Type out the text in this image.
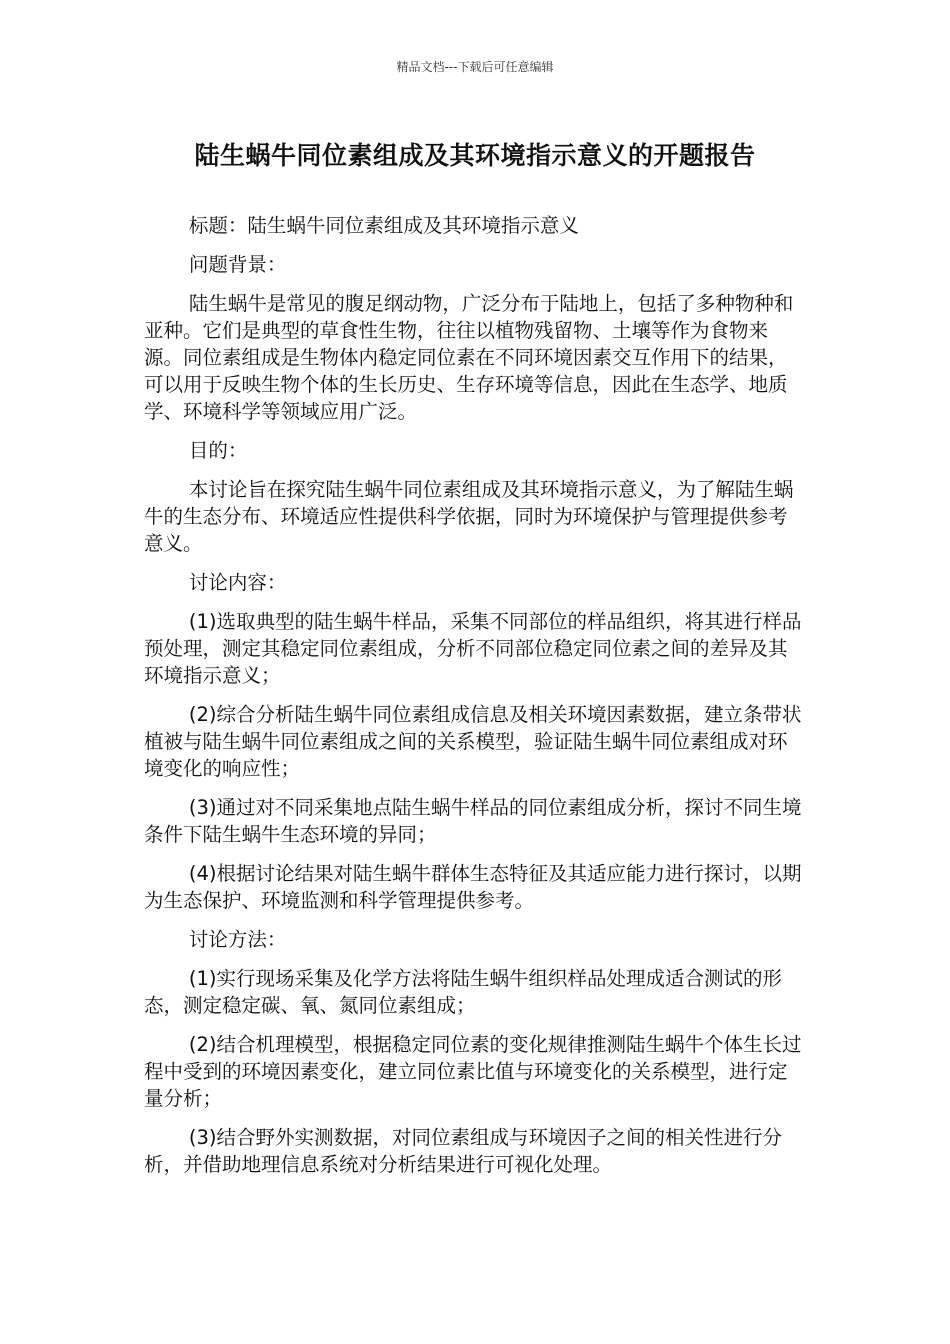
精品文档---下载后可任意编辑
陆生蜗牛同位素组成及其环境指示意义的开题报告

标题：陆生蜗牛同位素组成及其环境指示意义

问题背景：

陆生蜗牛是常见的腹足纲动物，广泛分布于陆地上，包括了多种物种和亚种。它们是典型的草食性生物，往往以植物残留物、土壤等作为食物来源。同位素组成是生物体内稳定同位素在不同环境因素交互作用下的结果，可以用于反映生物个体的生长历史、生存环境等信息，因此在生态学、地质学、环境科学等领域应用广泛。

目的：

本讨论旨在探究陆生蜗牛同位素组成及其环境指示意义，为了解陆生蜗牛的生态分布、环境适应性提供科学依据，同时为环境保护与管理提供参考意义。

讨论内容：

(1)选取典型的陆生蜗牛样品，采集不同部位的样品组织，将其进行样品预处理，测定其稳定同位素组成，分析不同部位稳定同位素之间的差异及其环境指示意义；

(2)综合分析陆生蜗牛同位素组成信息及相关环境因素数据，建立条带状植被与陆生蜗牛同位素组成之间的关系模型，验证陆生蜗牛同位素组成对环境变化的响应性；

(3)通过对不同采集地点陆生蜗牛样品的同位素组成分析，探讨不同生境条件下陆生蜗牛生态环境的异同；

(4)根据讨论结果对陆生蜗牛群体生态特征及其适应能力进行探讨，以期为生态保护、环境监测和科学管理提供参考。

讨论方法：

(1)实行现场采集及化学方法将陆生蜗牛组织样品处理成适合测试的形态，测定稳定碳、氧、氮同位素组成；

(2)结合机理模型，根据稳定同位素的变化规律推测陆生蜗牛个体生长过程中受到的环境因素变化，建立同位素比值与环境变化的关系模型，进行定量分析；

(3)结合野外实测数据，对同位素组成与环境因子之间的相关性进行分析，并借助地理信息系统对分析结果进行可视化处理。
